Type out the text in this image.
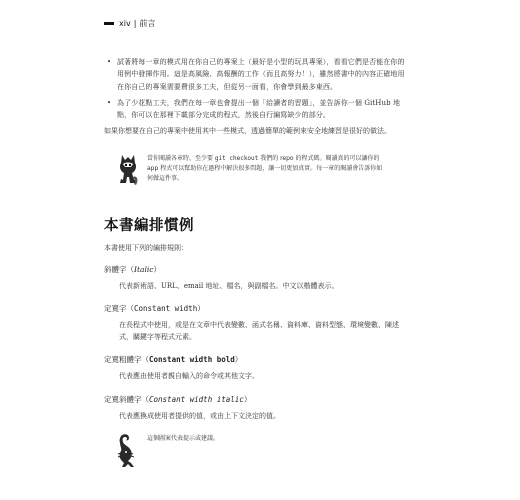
xiv | 前言
• 試著將每一章的模式用在你自己的專案上（最好是小型的玩具專案），看看它們是否能在你的用例中發揮作用。這是高風險、高報酬的工作（而且高努力！），雖然將書中的內容正確地用在你自己的專案需要費很多工夫，但從另一面看，你會學到最多東西。
• 為了少花點工夫，我們在每一章也會提出一個「給讀者的習題」，並告訴你一個 GitHub 地點，你可以在那裡下載部分完成的程式，然後自行編寫缺少的部分。

如果你想要在自己的專案中使用其中一些模式，透過簡單的範例來安全地練習是很好的做法。

當你閱讀各章時，至少要 git checkout 我們的 repo 的程式碼。閱讀真的可以讓你的 app 程式可以幫助你在過程中解決很多問題，讓一切更加真實。每一章的閱讀會告訴你如何做這件事。
本書編排慣例
本書使用下列的編排規則：
斜體字（Italic）
代表新術語、URL、email 地址、檔名，與副檔名。中文以楷體表示。
定寬字（Constant width）
在長程式中使用，或是在文章中代表變數、函式名稱、資料庫、資料型態、環境變數、陳述式，關鍵字等程式元素。
定寬粗體字（Constant width bold）
代表應由使用者親自輸入的命令或其他文字。
定寬斜體字（Constant width italic）
代表應換成使用者提供的值，或由上下文決定的值。
這個圖案代表提示或建議。
